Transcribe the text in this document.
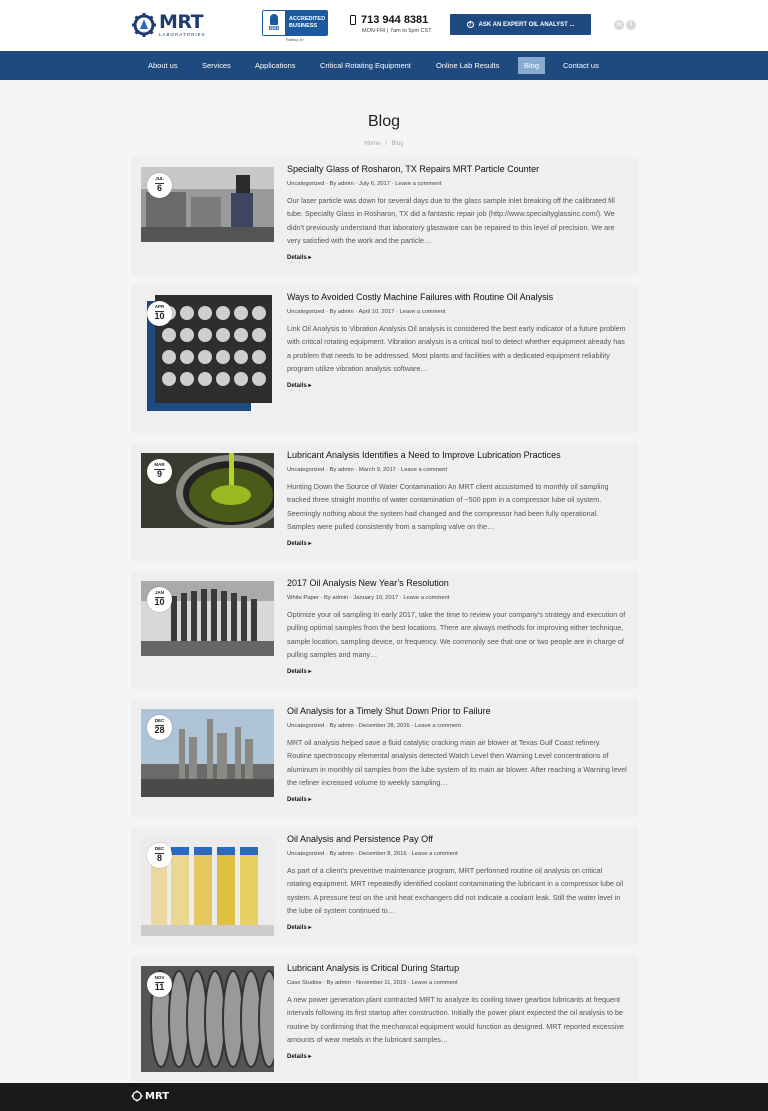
MRT
LABORATORIES
BBB
ACCREDITED
BUSINESS
Rating: A+
713 944 8381
MON-FRI | 7am to 5pm CST
?	ASK AN EXPERT OIL ANALYST ...	in	f
About us	Services	Applications	Critical Rotating Equipment	Online Lab Results	Blog	Contact us
Blog
Home / Blog
JUL
6
Specialty Glass of Rosharon, TX Repairs MRT Particle Counter
Uncategorized · By admin · July 6, 2017 · Leave a comment
Our laser particle was down for several days due to the glass sample inlet breaking off the calibrated fill tube. Specialty Glass in Rosharon, TX did a fantastic repair job (http://www.specialtyglassinc.com/). We didn’t previously understand that laboratory glassware can be repaired to this level of precision. We are very satisfied with the work and the particle…
Details ▸
APR
10
Ways to Avoided Costly Machine Failures with Routine Oil Analysis
Uncategorized · By admin · April 10, 2017 · Leave a comment
Link Oil Analysis to Vibration Analysis Oil analysis is considered the best early indicator of a future problem with critical rotating equipment. Vibration analysis is a critical tool to detect whether equipment already has a problem that needs to be addressed. Most plants and facilities with a dedicated equipment reliability program utilize vibration analysis software…
Details ▸
MAR
9
Lubricant Analysis Identifies a Need to Improve Lubrication Practices
Uncategorized · By admin · March 9, 2017 · Leave a comment
Hunting Down the Source of Water Contamination An MRT client accustomed to monthly oil sampling tracked three straight months of water contamination of ~500 ppm in a compressor lube oil system. Seemingly nothing about the system had changed and the compressor had been fully operational. Samples were pulled consistently from a sampling valve on the…
Details ▸
JAN
10
2017 Oil Analysis New Year’s Resolution
White Paper · By admin · January 10, 2017 · Leave a comment
Optimize your oil sampling In early 2017, take the time to review your company’s strategy and execution of pulling optimal samples from the best locations. There are always methods for improving either technique, sample location, sampling device, or frequency. We commonly see that one or two people are in charge of pulling samples and many…
Details ▸
DEC
28
Oil Analysis for a Timely Shut Down Prior to Failure
Uncategorized · By admin · December 28, 2016 · Leave a comment
MRT oil analysis helped save a fluid catalytic cracking main air blower at Texas Gulf Coast refinery. Routine spectroscopy elemental analysis detected Watch Level then Warning Level concentrations of aluminum in monthly oil samples from the lube system of its main air blower. After reaching a Warning level the refiner increased volume to weekly sampling…
Details ▸
DEC
8
Oil Analysis and Persistence Pay Off
Uncategorized · By admin · December 8, 2016 · Leave a comment
As part of a client’s preventive maintenance program, MRT performed routine oil analysis on critical rotating equipment. MRT repeatedly identified coolant contaminating the lubricant in a compressor lube oil system. A pressure test on the unit heat exchangers did not indicate a coolant leak. Still the water level in the lube oil system continued to…
Details ▸
NOV
11
Lubricant Analysis is Critical During Startup
Case Studies · By admin · November 11, 2016 · Leave a comment
A new power generation plant contracted MRT to analyze its cooling tower gearbox lubricants at frequent intervals following its first startup after construction. Initially the power plant expected the oil analysis to be routine by confirming that the mechanical equipment would function as designed. MRT reported excessive amounts of wear metals in the lubricant samples…
Details ▸
MRT
